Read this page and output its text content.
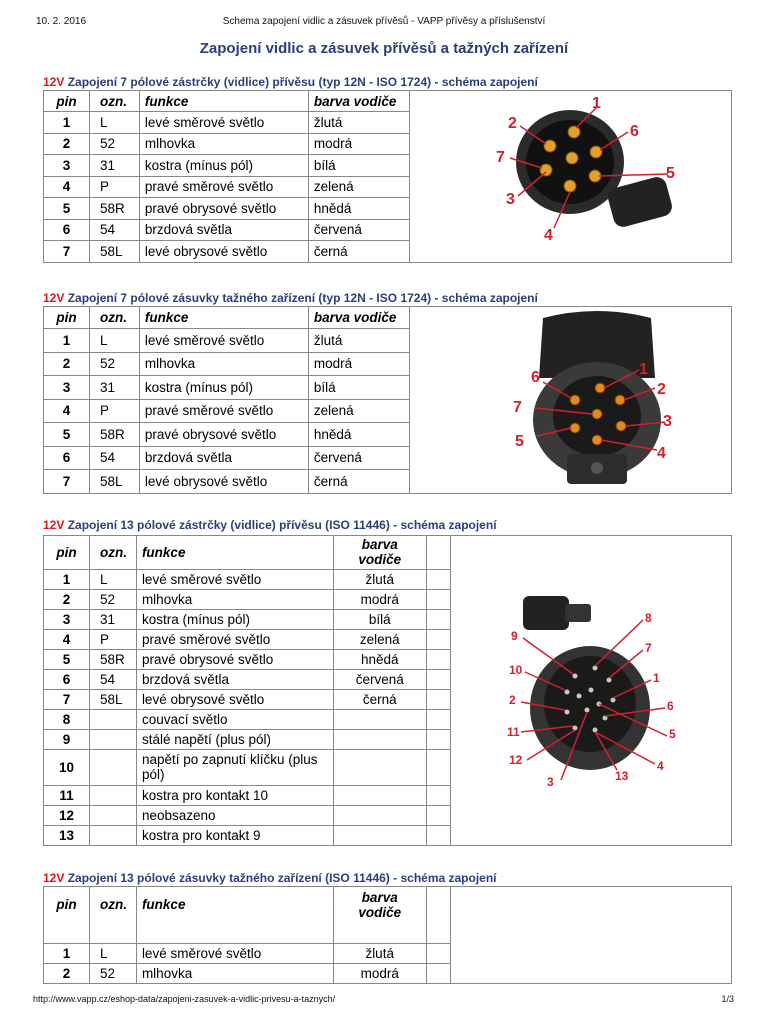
10. 2. 2016	Schema zapojení vidlic a zásuvek přívěsů - VAPP přívěsy a příslušenství
Zapojení vidlic a zásuvek přívěsů a tažných zařízení
12V Zapojení 7 pólové zástrčky (vidlice) přívěsu (typ 12N - ISO 1724) - schéma zapojení
pin	ozn.	funkce	barva vodiče	
1	L	levé směrové světlo	žlutá	
2	52	mlhovka	modrá	
3	31	kostra (mínus pól)	bílá	
4	P	pravé směrové světlo	zelená	
5	58R	pravé obrysové světlo	hnědá	
6	54	brzdová světla	červená	
7	58L	levé obrysové světlo	černá	
1
2
3
4
5
6
7
12V Zapojení 7 pólové zásuvky tažného zařízení (typ 12N - ISO 1724) - schéma zapojení
pin	ozn.	funkce	barva vodiče	
1	L	levé směrové světlo	žlutá	
2	52	mlhovka	modrá	
3	31	kostra (mínus pól)	bílá	
4	P	pravé směrové světlo	zelená	
5	58R	pravé obrysové světlo	hnědá	
6	54	brzdová světla	červená	
7	58L	levé obrysové světlo	černá	
1
2
3
4
5
6
7
12V Zapojení 13 pólové zástrčky (vidlice) přívěsu (ISO 11446) - schéma zapojení
pin	ozn.	funkce	barva
vodiče		
1	L	levé směrové světlo	žlutá		
2	52	mlhovka	modrá		
3	31	kostra (mínus pól)	bílá		
4	P	pravé směrové světlo	zelená		
5	58R	pravé obrysové světlo	hnědá		
6	54	brzdová světla	červená		
7	58L	levé obrysové světlo	černá		
8		couvací světlo			
9		stálé napětí (plus pól)			
10		napětí po zapnutí klíčku (plus pól)			
11		kostra pro kontakt 10			
12		neobsazeno			
13		kostra pro kontakt 9			
8
9
7
10
1
2	6
11	5
12	4
3	13
12V Zapojení 13 pólové zásuvky tažného zařízení (ISO 11446) - schéma zapojení
pin	ozn.	funkce	barva
vodiče		
1	L	levé směrové světlo	žlutá		
2	52	mlhovka	modrá		
http://www.vapp.cz/eshop-data/zapojeni-zasuvek-a-vidlic-privesu-a-taznych/	1/3
